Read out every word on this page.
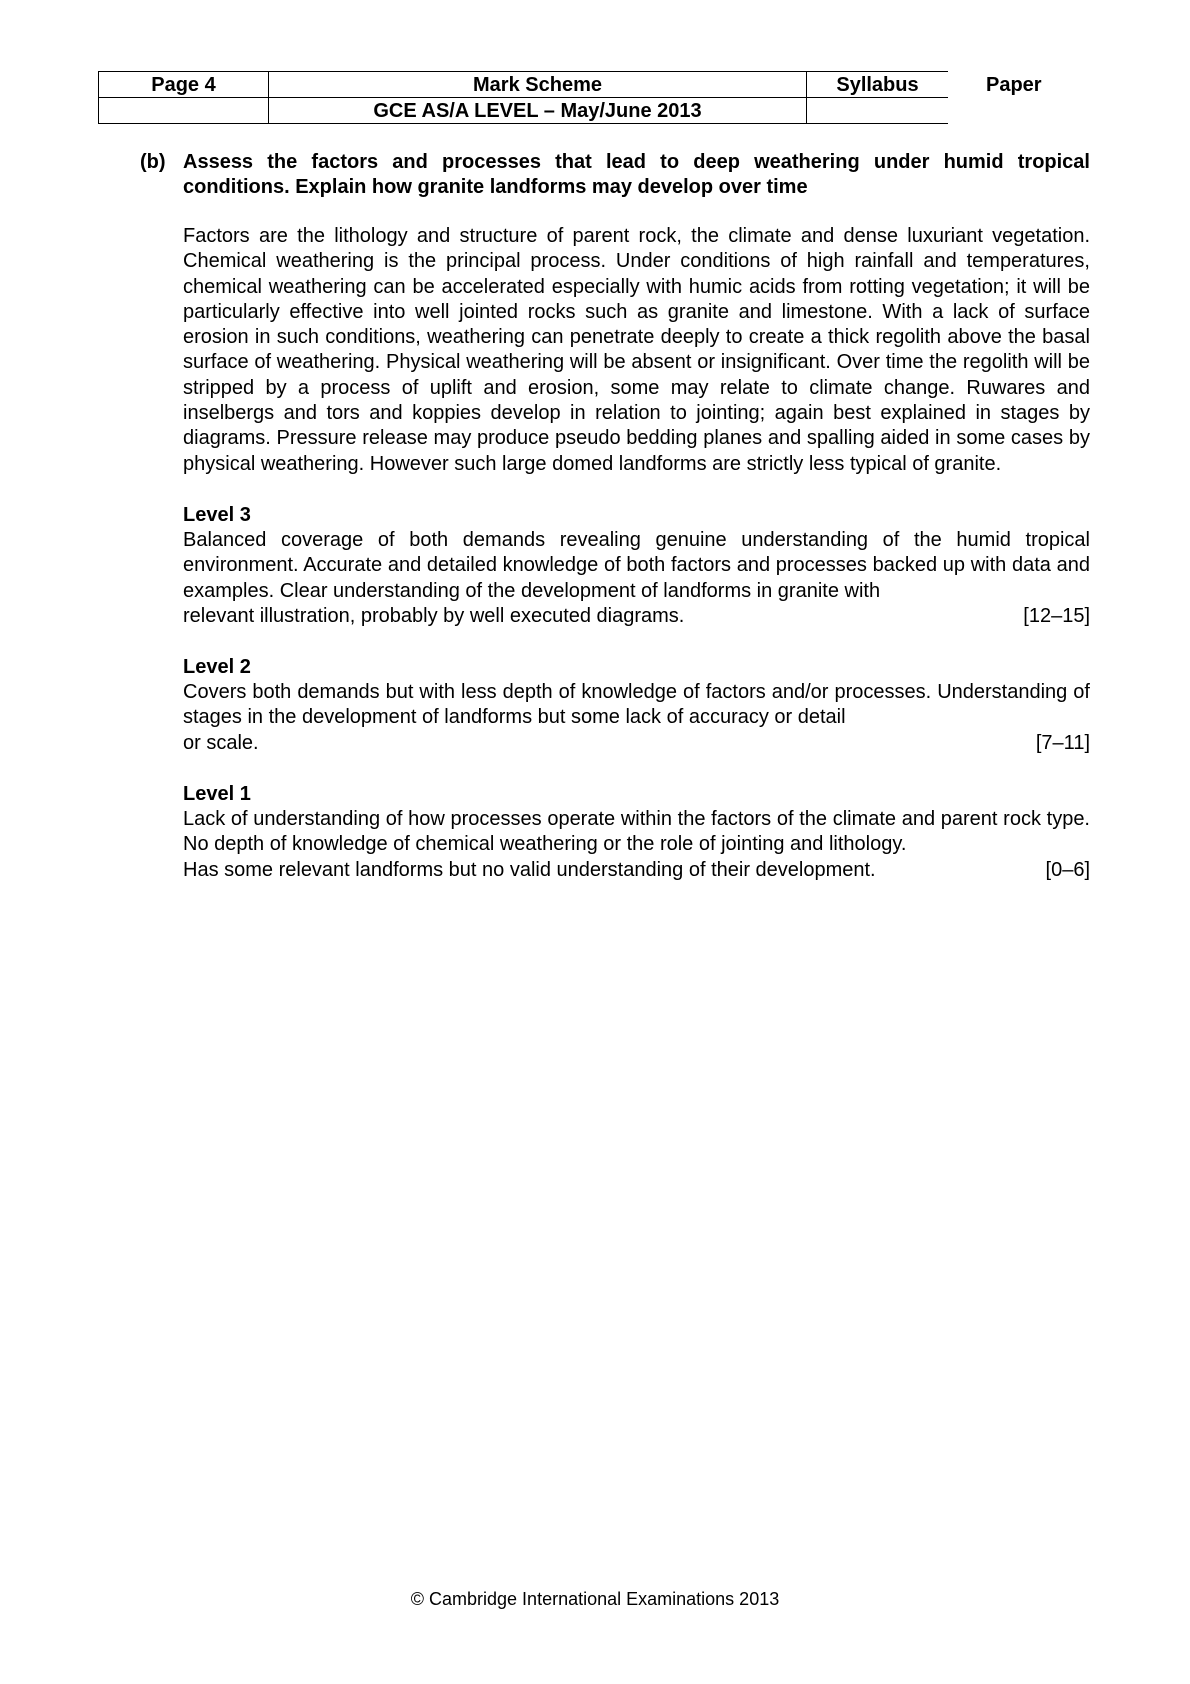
Page 4	Mark Scheme	Syllabus	Paper
	GCE AS/A LEVEL – May/June 2013		
(b) Assess the factors and processes that lead to deep weathering under humid tropical conditions. Explain how granite landforms may develop over time
Factors are the lithology and structure of parent rock, the climate and dense luxuriant vegetation. Chemical weathering is the principal process. Under conditions of high rainfall and temperatures, chemical weathering can be accelerated especially with humic acids from rotting vegetation; it will be particularly effective into well jointed rocks such as granite and limestone. With a lack of surface erosion in such conditions, weathering can penetrate deeply to create a thick regolith above the basal surface of weathering. Physical weathering will be absent or insignificant. Over time the regolith will be stripped by a process of uplift and erosion, some may relate to climate change. Ruwares and inselbergs and tors and koppies develop in relation to jointing; again best explained in stages by diagrams. Pressure release may produce pseudo bedding planes and spalling aided in some cases by physical weathering. However such large domed landforms are strictly less typical of granite.
Level 3
Balanced coverage of both demands revealing genuine understanding of the humid tropical environment. Accurate and detailed knowledge of both factors and processes backed up with data and examples. Clear understanding of the development of landforms in granite with
relevant illustration, probably by well executed diagrams.	[12–15]
Level 2
Covers both demands but with less depth of knowledge of factors and/or processes. Understanding of stages in the development of landforms but some lack of accuracy or detail
or scale.	[7–11]
Level 1
Lack of understanding of how processes operate within the factors of the climate and parent rock type. No depth of knowledge of chemical weathering or the role of jointing and lithology.
Has some relevant landforms but no valid understanding of their development.	[0–6]
© Cambridge International Examinations 2013
